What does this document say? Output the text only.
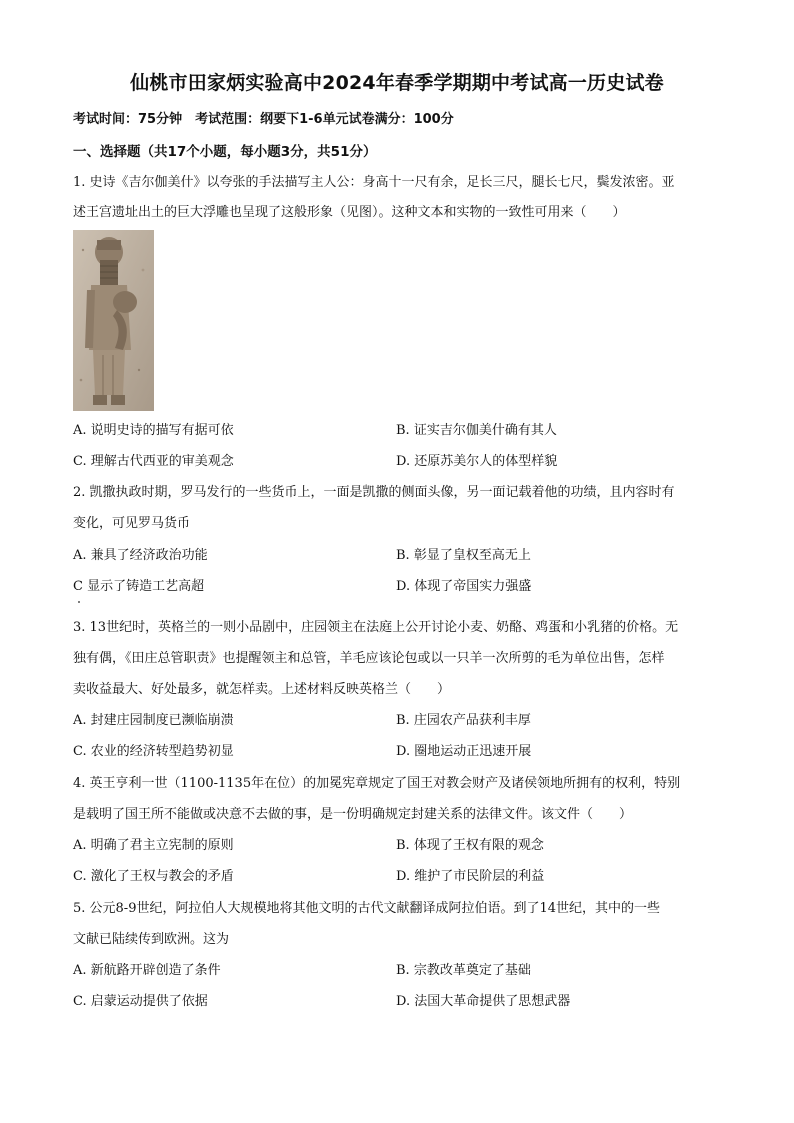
仙桃市田家炳实验高中2024年春季学期期中考试高一历史试卷
考试时间：75分钟　考试范围：纲要下1-6单元试卷满分：100分
一、选择题（共17个小题，每小题3分，共51分）
1. 史诗《吉尔伽美什》以夸张的手法描写主人公：身高十一尺有余，足长三尺，腿长七尺，鬓发浓密。亚
述王宫遗址出土的巨大浮雕也呈现了这般形象（见图）。这种文本和实物的一致性可用来（　　）
A. 说明史诗的描写有据可依	B. 证实吉尔伽美什确有其人
C. 理解古代西亚的审美观念	D. 还原苏美尔人的体型样貌
2. 凯撒执政时期，罗马发行的一些货币上，一面是凯撒的侧面头像，另一面记载着他的功绩，且内容时有
变化，可见罗马货币
A. 兼具了经济政治功能	B. 彰显了皇权至高无上
C 显示了铸造工艺高超	D. 体现了帝国实力强盛
3. 13世纪时，英格兰的一则小品剧中，庄园领主在法庭上公开讨论小麦、奶酪、鸡蛋和小乳猪的价格。无
独有偶，《田庄总管职责》也提醒领主和总管，羊毛应该论包或以一只羊一次所剪的毛为单位出售，怎样
卖收益最大、好处最多，就怎样卖。上述材料反映英格兰（　　）
A. 封建庄园制度已濒临崩溃	B. 庄园农产品获利丰厚
C. 农业的经济转型趋势初显	D. 圈地运动正迅速开展
4. 英王亨利一世（1100-1135年在位）的加冕宪章规定了国王对教会财产及诸侯领地所拥有的权利，特别
是载明了国王所不能做或决意不去做的事，是一份明确规定封建关系的法律文件。该文件（　　）
A. 明确了君主立宪制的原则	B. 体现了王权有限的观念
C. 激化了王权与教会的矛盾	D. 维护了市民阶层的利益
5. 公元8-9世纪，阿拉伯人大规模地将其他文明的古代文献翻译成阿拉伯语。到了14世纪，其中的一些
文献已陆续传到欧洲。这为
A. 新航路开辟创造了条件	B. 宗教改革奠定了基础
C. 启蒙运动提供了依据	D. 法国大革命提供了思想武器
